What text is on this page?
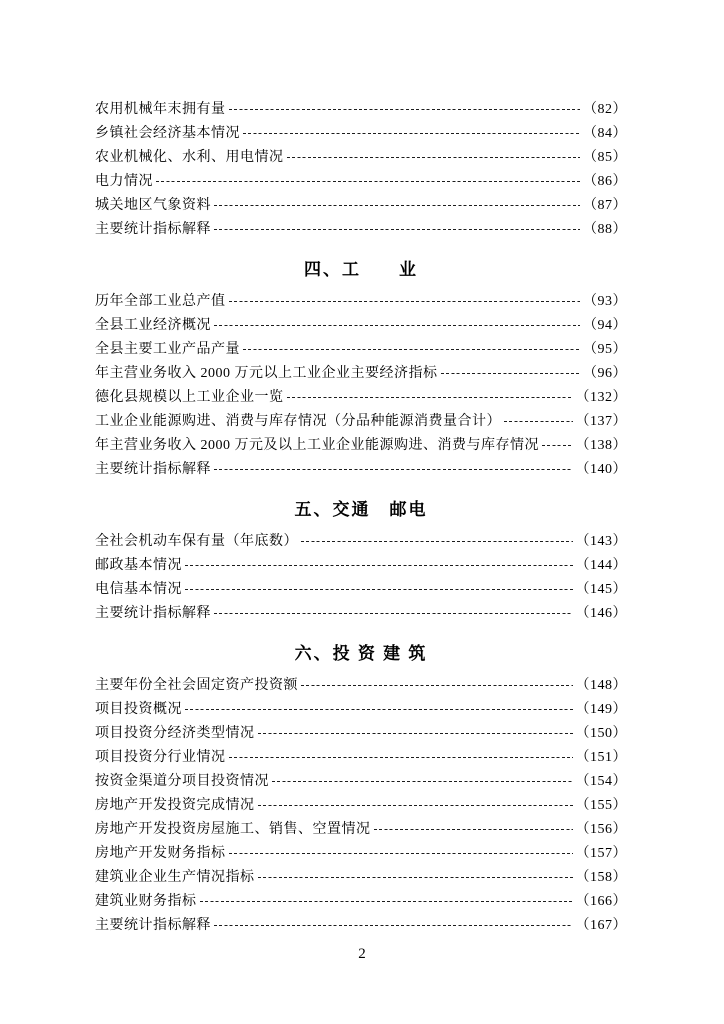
农用机械年末拥有量	（82）
乡镇社会经济基本情况	（84）
农业机械化、水利、用电情况	（85）
电力情况	（86）
城关地区气象资料	（87）
主要统计指标解释	（88）
四、工　　业
历年全部工业总产值	（93）
全县工业经济概况	（94）
全县主要工业产品产量	（95）
年主营业务收入 2000 万元以上工业企业主要经济指标	（96）
德化县规模以上工业企业一览	（132）
工业企业能源购进、消费与库存情况（分品种能源消费量合计）	（137）
年主营业务收入 2000 万元及以上工业企业能源购进、消费与库存情况	（138）
主要统计指标解释	（140）
五、交通　邮电
全社会机动车保有量（年底数）	（143）
邮政基本情况	（144）
电信基本情况	（145）
主要统计指标解释	（146）
六、投 资 建 筑
主要年份全社会固定资产投资额	（148）
项目投资概况	（149）
项目投资分经济类型情况	（150）
项目投资分行业情况	（151）
按资金渠道分项目投资情况	（154）
房地产开发投资完成情况	（155）
房地产开发投资房屋施工、销售、空置情况	（156）
房地产开发财务指标	（157）
建筑业企业生产情况指标	（158）
建筑业财务指标	（166）
主要统计指标解释	（167）
2
